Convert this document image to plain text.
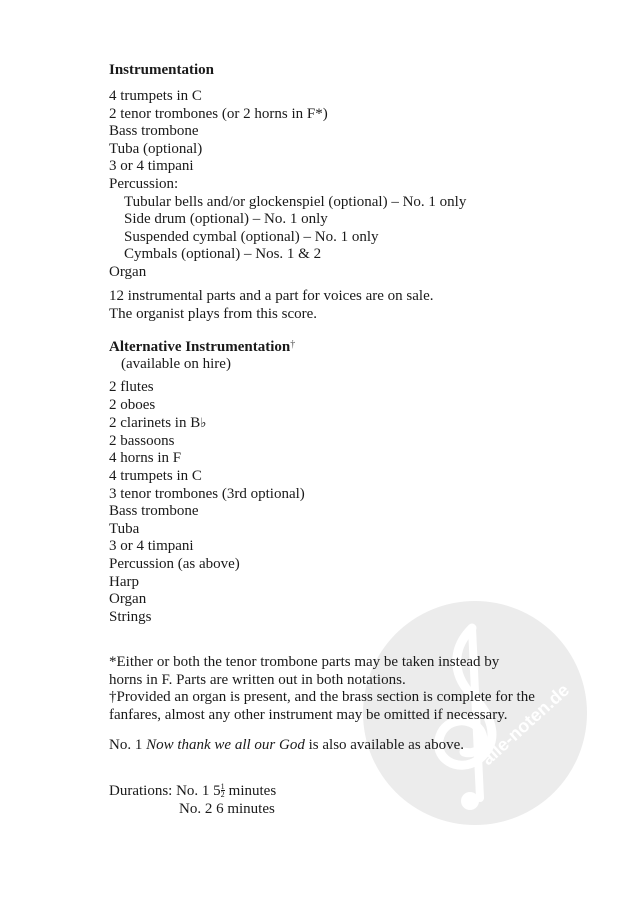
Instrumentation
4 trumpets in C
2 tenor trombones (or 2 horns in F*)
Bass trombone
Tuba (optional)
3 or 4 timpani
Percussion:
Tubular bells and/or glockenspiel (optional) – No. 1 only
Side drum (optional) – No. 1 only
Suspended cymbal (optional) – No. 1 only
Cymbals (optional) – Nos. 1 & 2
Organ
12 instrumental parts and a part for voices are on sale.
The organist plays from this score.
Alternative Instrumentation†
(available on hire)
2 flutes
2 oboes
2 clarinets in B♭
2 bassoons
4 horns in F
4 trumpets in C
3 tenor trombones (3rd optional)
Bass trombone
Tuba
3 or 4 timpani
Percussion (as above)
Harp
Organ
Strings
alle-noten.de
*Either or both the tenor trombone parts may be taken instead by
horns in F. Parts are written out in both notations.
†Provided an organ is present, and the brass section is complete for the
fanfares, almost any other instrument may be omitted if necessary.
No. 1 Now thank we all our God is also available as above.
Durations: No. 1 $5 \frac{1}{2}$ minutes
No. 2 6 minutes
